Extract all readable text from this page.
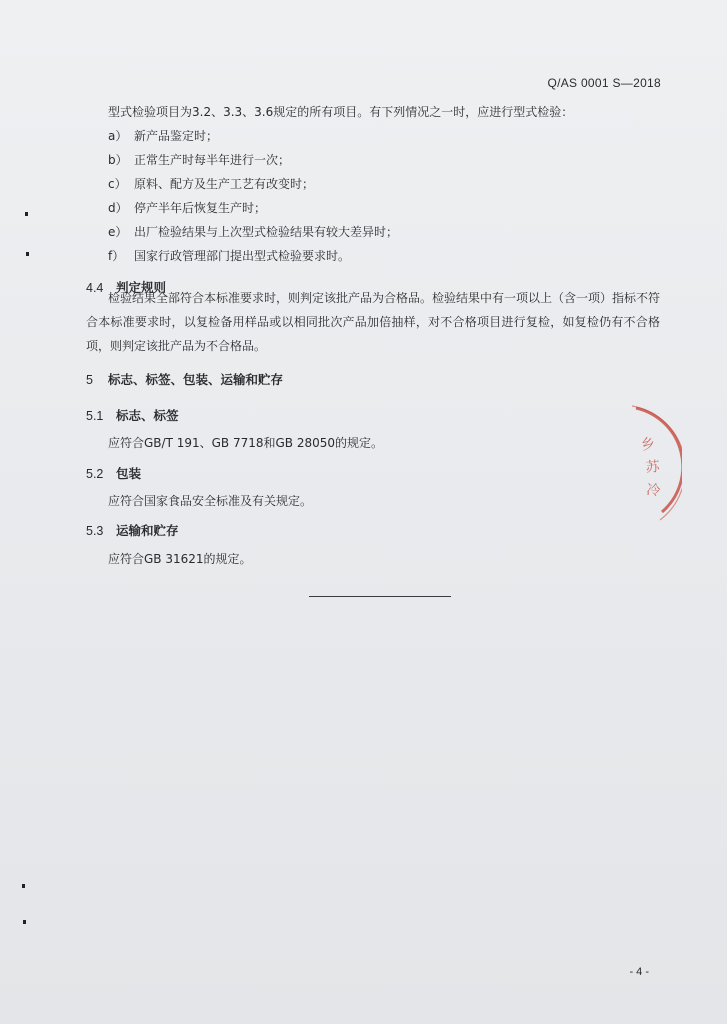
Q/AS 0001 S—2018
型式检验项目为3.2、3.3、3.6规定的所有项目。有下列情况之一时，应进行型式检验：
a） 新产品鉴定时；
b） 正常生产时每半年进行一次；
c） 原料、配方及生产工艺有改变时；
d） 停产半年后恢复生产时；
e） 出厂检验结果与上次型式检验结果有较大差异时；
f） 国家行政管理部门提出型式检验要求时。
4.4 判定规则
检验结果全部符合本标准要求时，则判定该批产品为合格品。检验结果中有一项以上（含一项）指标不符合本标准要求时，以复检备用样品或以相同批次产品加倍抽样，对不合格项目进行复检，如复检仍有不合格项，则判定该批产品为不合格品。
5 标志、标签、包装、运输和贮存
5.1 标志、标签
应符合GB/T 191、GB 7718和GB 28050的规定。
5.2 包装
应符合国家食品安全标准及有关规定。
5.3 运输和贮存
应符合GB 31621的规定。
乡
苏
冷
- 4 -
